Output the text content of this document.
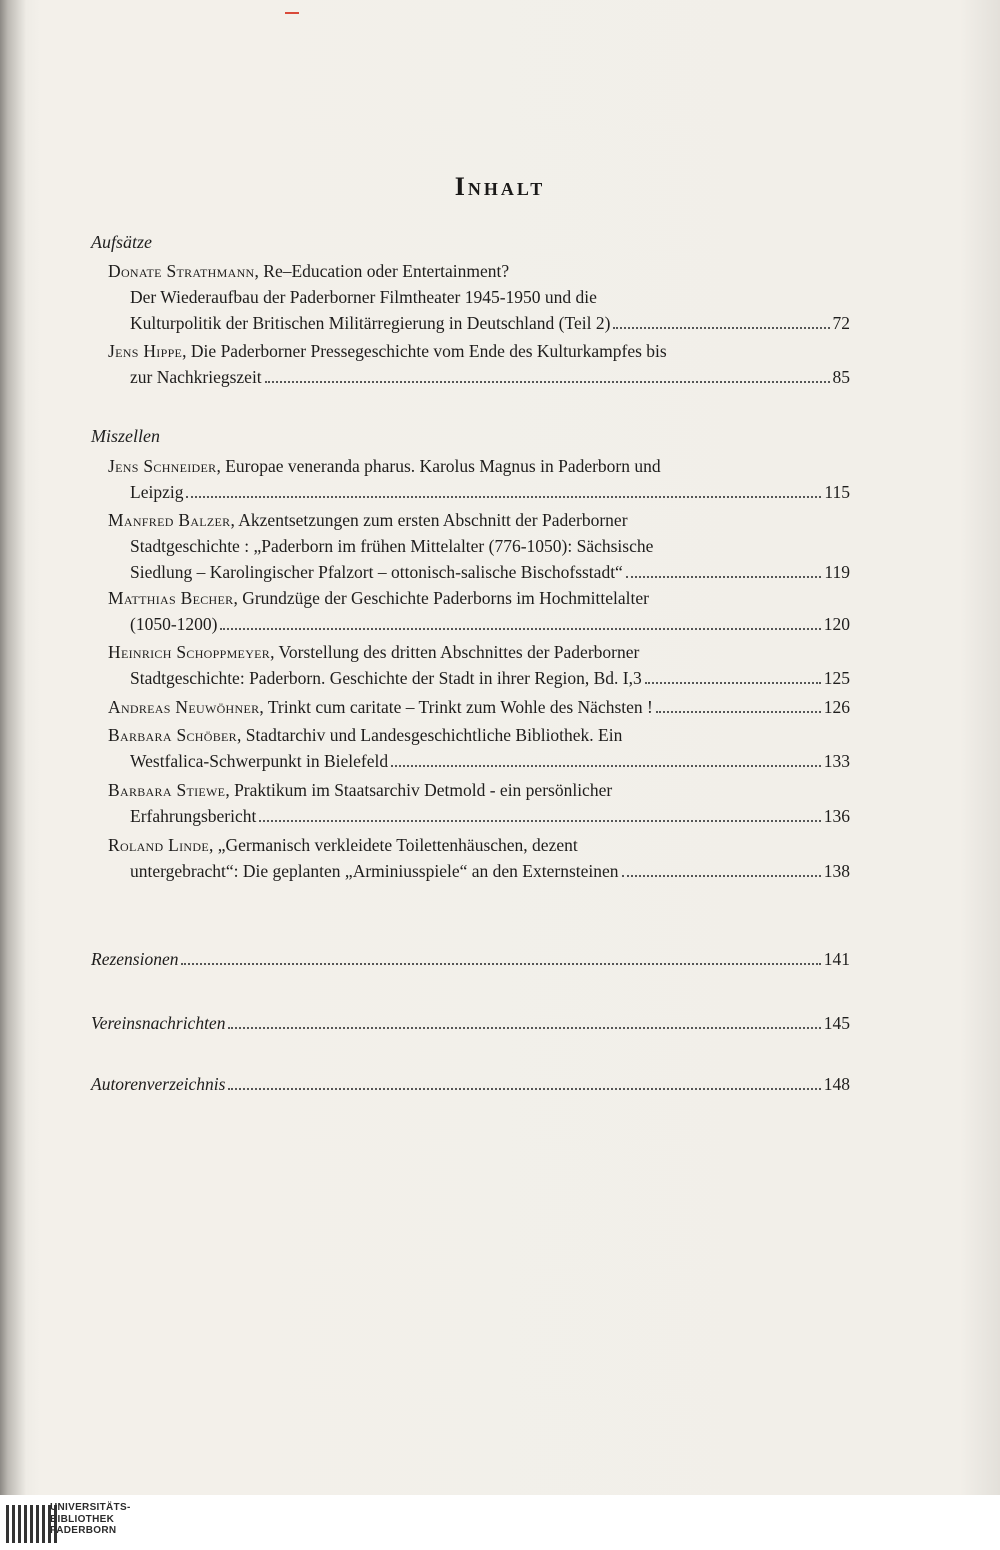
Inhalt
Aufsätze
Donate Strathmann, Re–Education oder Entertainment?
Der Wiederaufbau der Paderborner Filmtheater 1945-1950 und die
Kulturpolitik der Britischen Militärregierung in Deutschland (Teil 2)	72
Jens Hippe, Die Paderborner Pressegeschichte vom Ende des Kulturkampfes bis
zur Nachkriegszeit	85
Miszellen
Jens Schneider, Europae veneranda pharus. Karolus Magnus in Paderborn und
Leipzig	115
Manfred Balzer, Akzentsetzungen zum ersten Abschnitt der Paderborner
Stadtgeschichte : „Paderborn im frühen Mittelalter (776-1050): Sächsische
Siedlung – Karolingischer Pfalzort – ottonisch-salische Bischofsstadt“	119
Matthias Becher, Grundzüge der Geschichte Paderborns im Hochmittelalter
(1050-1200)	120
Heinrich Schoppmeyer, Vorstellung des dritten Abschnittes der Paderborner
Stadtgeschichte: Paderborn. Geschichte der Stadt in ihrer Region, Bd. I,3	125
Andreas Neuwöhner, Trinkt cum caritate – Trinkt zum Wohle des Nächsten !	126
Barbara Schöber, Stadtarchiv und Landesgeschichtliche Bibliothek. Ein
Westfalica-Schwerpunkt in Bielefeld	133
Barbara Stiewe, Praktikum im Staatsarchiv Detmold - ein persönlicher
Erfahrungsbericht	136
Roland Linde, „Germanisch verkleidete Toilettenhäuschen, dezent
untergebracht“: Die geplanten „Arminiusspiele“ an den Externsteinen	138
Rezensionen	141
Vereinsnachrichten	145
Autorenverzeichnis	148
UNIVERSITÄTS-
BIBLIOTHEK
PADERBORN
